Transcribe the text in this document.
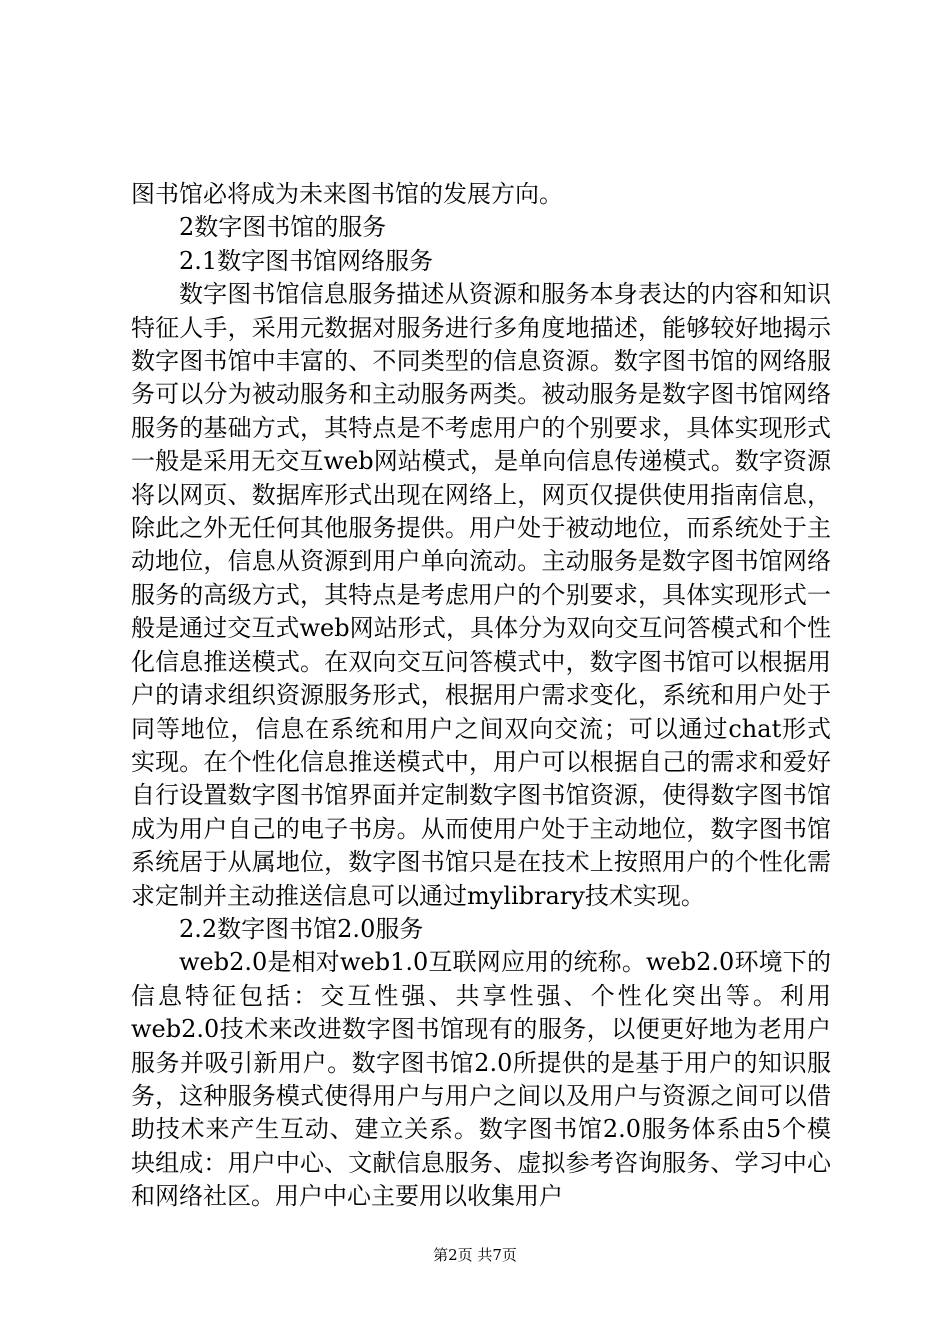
图书馆必将成为未来图书馆的发展方向。

2数字图书馆的服务

2.1数字图书馆网络服务

数字图书馆信息服务描述从资源和服务本身表达的内容和知识特征人手，采用元数据对服务进行多角度地描述，能够较好地揭示数字图书馆中丰富的、不同类型的信息资源。数字图书馆的网络服务可以分为被动服务和主动服务两类。被动服务是数字图书馆网络服务的基础方式，其特点是不考虑用户的个别要求，具体实现形式一般是采用无交互web网站模式，是单向信息传递模式。数字资源将以网页、数据库形式出现在网络上，网页仅提供使用指南信息，除此之外无任何其他服务提供。用户处于被动地位，而系统处于主动地位，信息从资源到用户单向流动。主动服务是数字图书馆网络服务的高级方式，其特点是考虑用户的个别要求，具体实现形式一般是通过交互式web网站形式，具体分为双向交互问答模式和个性化信息推送模式。在双向交互问答模式中，数字图书馆可以根据用户的请求组织资源服务形式，根据用户需求变化，系统和用户处于同等地位，信息在系统和用户之间双向交流；可以通过chat形式实现。在个性化信息推送模式中，用户可以根据自己的需求和爱好自行设置数字图书馆界面并定制数字图书馆资源，使得数字图书馆成为用户自己的电子书房。从而使用户处于主动地位，数字图书馆系统居于从属地位，数字图书馆只是在技术上按照用户的个性化需求定制并主动推送信息可以通过mylibrary技术实现。

2.2数字图书馆2.0服务

web2.0是相对web1.0互联网应用的统称。web2.0环境下的信息特征包括：交互性强、共享性强、个性化突出等。利用web2.0技术来改进数字图书馆现有的服务，以便更好地为老用户服务并吸引新用户。数字图书馆2.0所提供的是基于用户的知识服务，这种服务模式使得用户与用户之间以及用户与资源之间可以借助技术来产生互动、建立关系。数字图书馆2.0服务体系由5个模块组成：用户中心、文献信息服务、虚拟参考咨询服务、学习中心和网络社区。用户中心主要用以收集用户

第2页 共7页
